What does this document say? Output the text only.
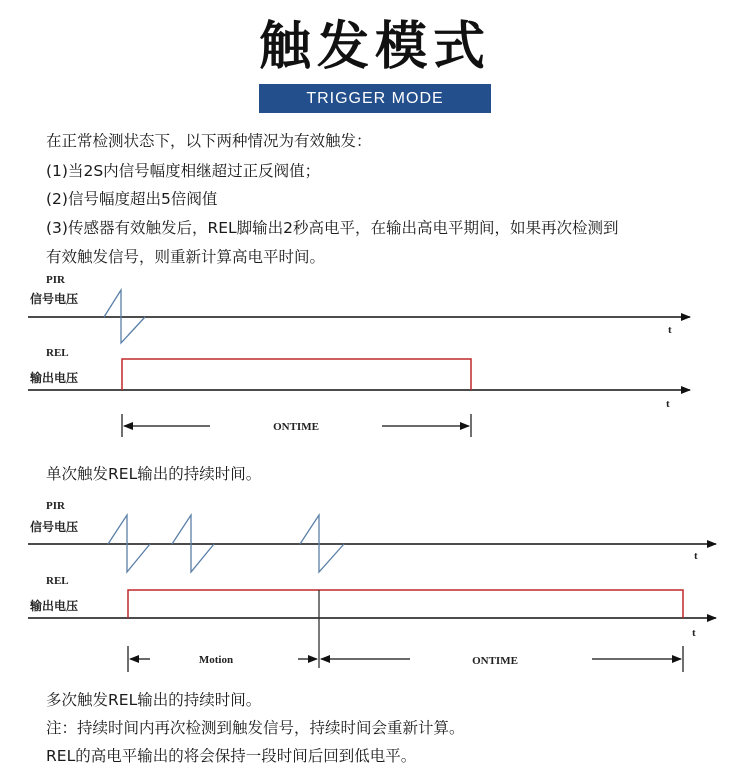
触发模式
TRIGGER MODE
在正常检测状态下，以下两种情况为有效触发：
(1)当2S内信号幅度相继超过正反阀值；
(2)信号幅度超出5倍阀值
(3)传感器有效触发后，REL脚输出2秒高电平，在输出高电平期间，如果再次检测到
有效触发信号，则重新计算高电平时间。
PIR
信号电压
t
REL
输出电压
t
ONTIME
单次触发REL输出的持续时间。
PIR
信号电压
t
REL
输出电压
t
Motion	ONTIME
多次触发REL输出的持续时间。
注：持续时间内再次检测到触发信号，持续时间会重新计算。
REL的高电平输出的将会保持一段时间后回到低电平。
